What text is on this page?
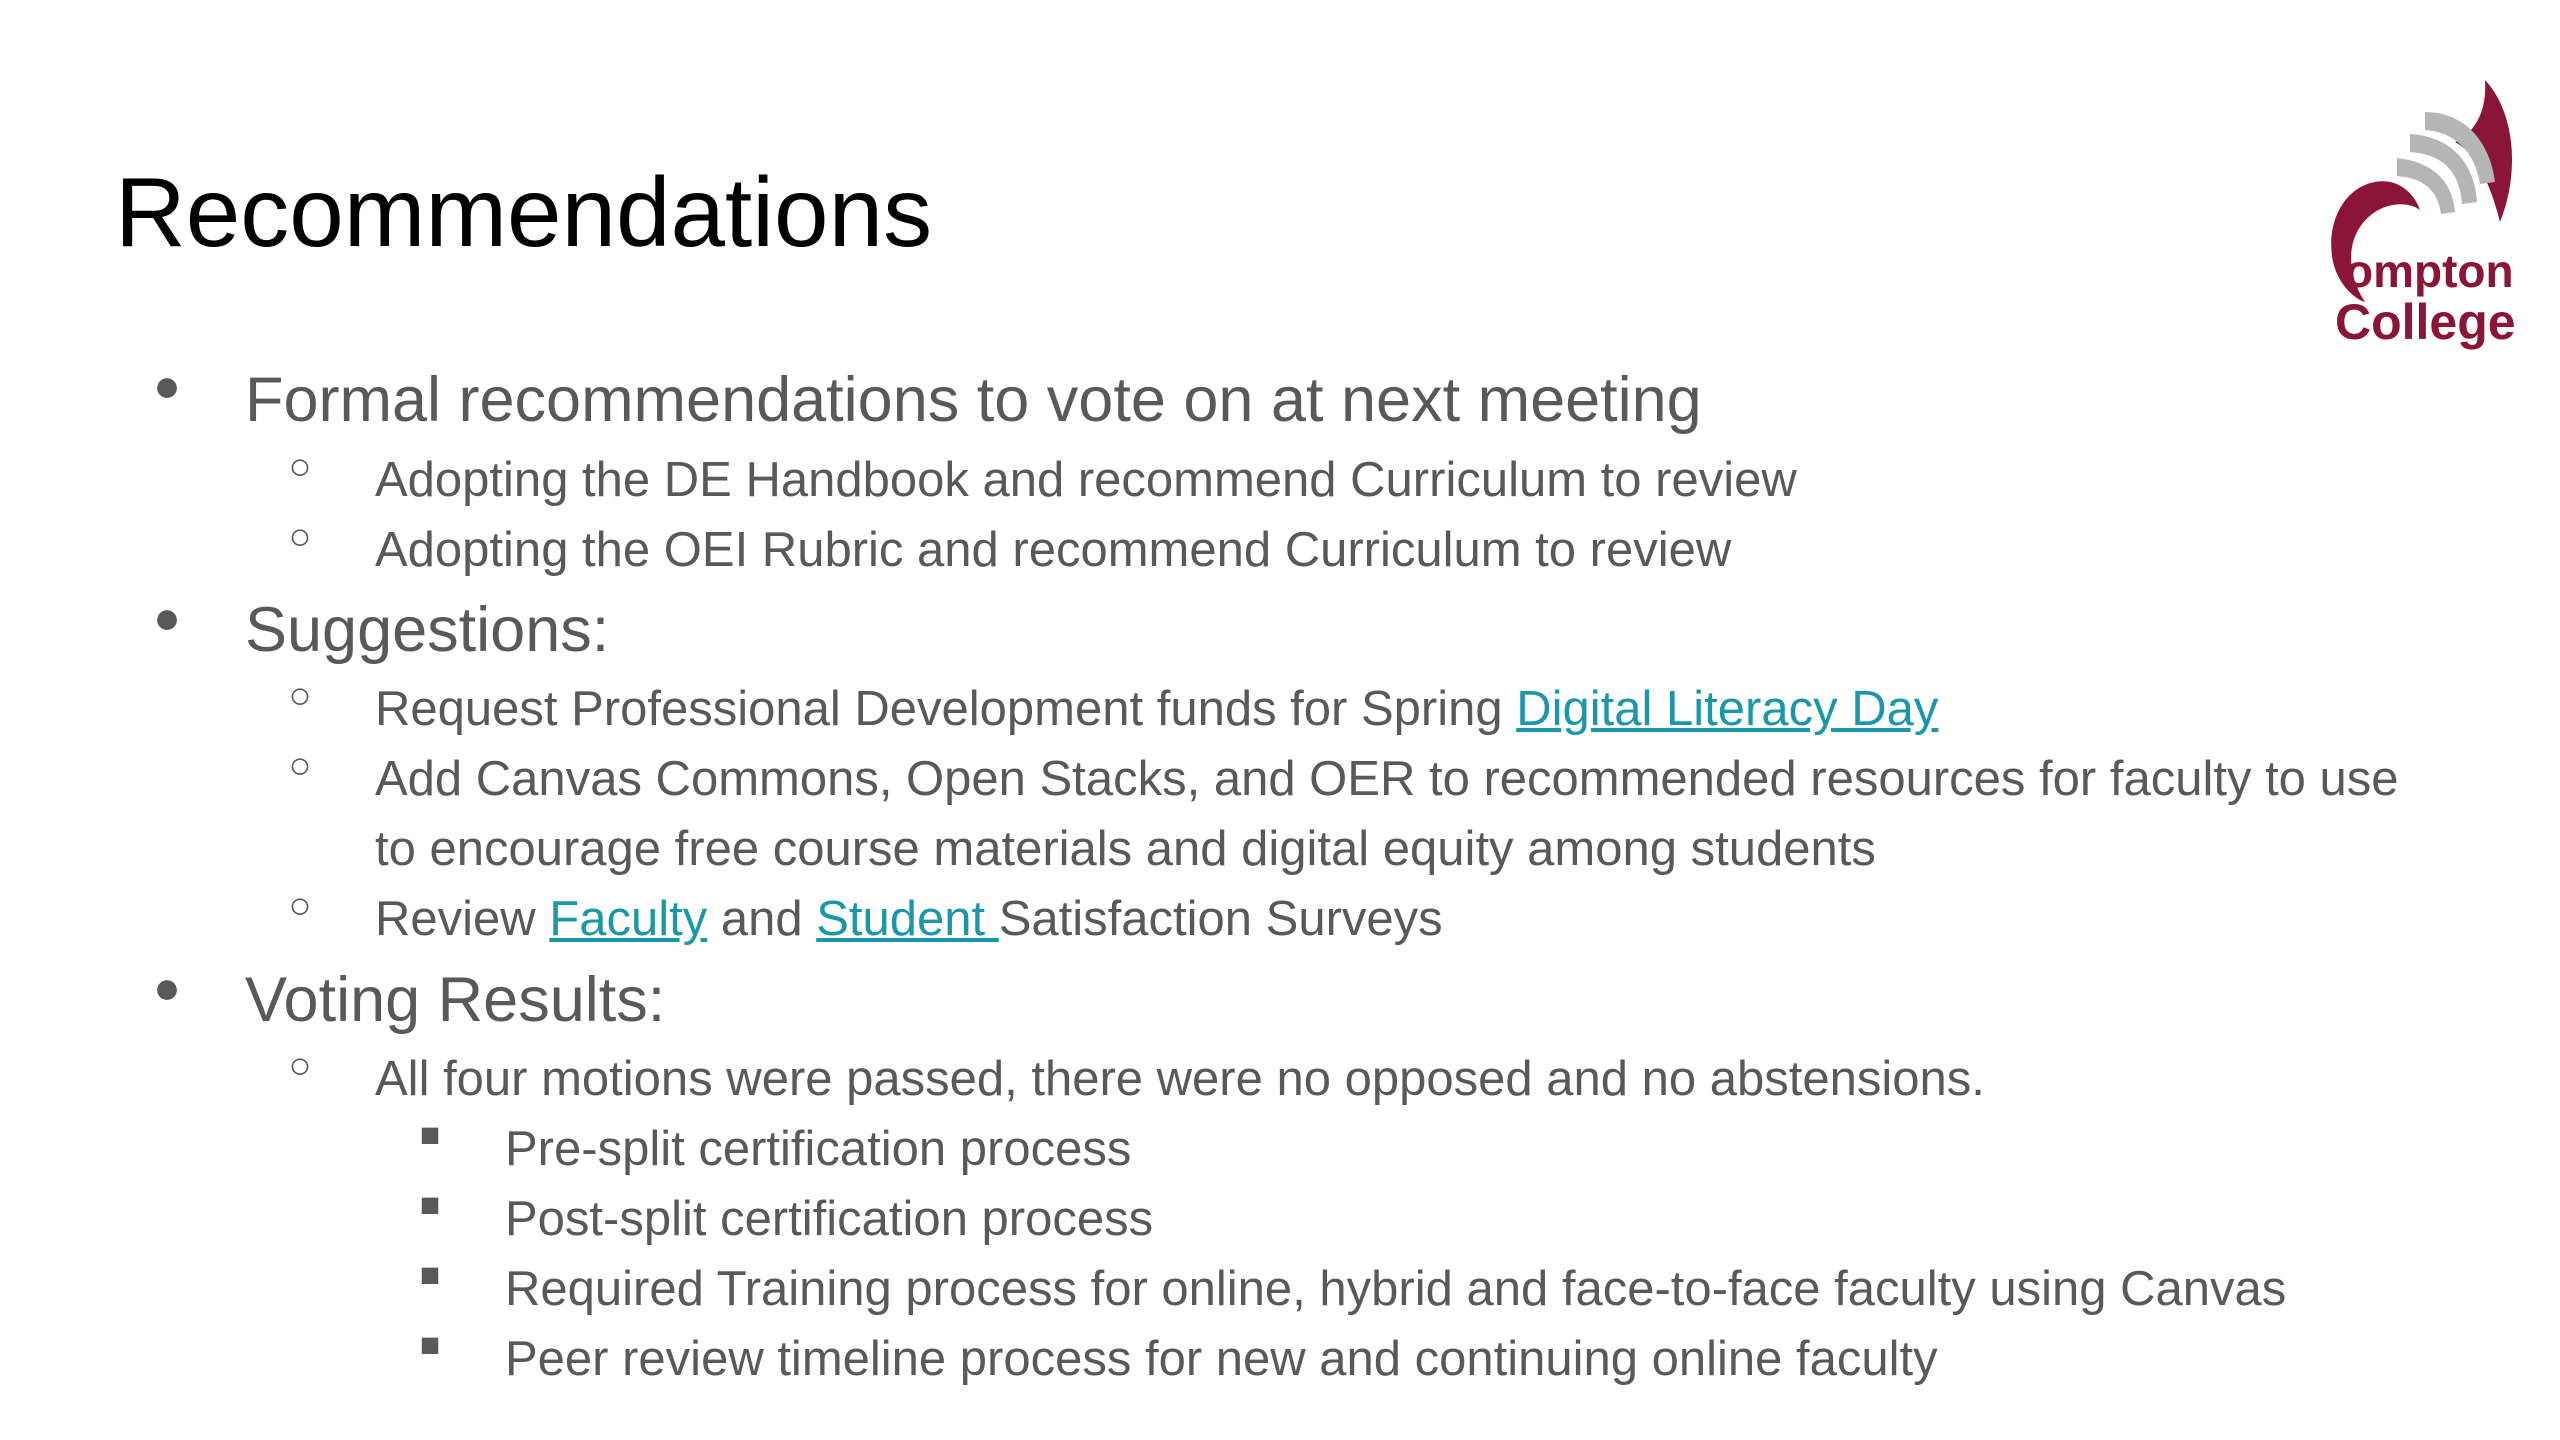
Recommendations
ompton
College
● Formal recommendations to vote on at next meeting
○ Adopting the DE Handbook and recommend Curriculum to review
○ Adopting the OEI Rubric and recommend Curriculum to review
● Suggestions:
○ Request Professional Development funds for Spring Digital Literacy Day
○ Add Canvas Commons, Open Stacks, and OER to recommended resources for faculty to use
to encourage free course materials and digital equity among students
○ Review Faculty and Student Satisfaction Surveys
● Voting Results:
○ All four motions were passed, there were no opposed and no abstensions.
■ Pre-split certification process
■ Post-split certification process
■ Required Training process for online, hybrid and face-to-face faculty using Canvas
■ Peer review timeline process for new and continuing online faculty
